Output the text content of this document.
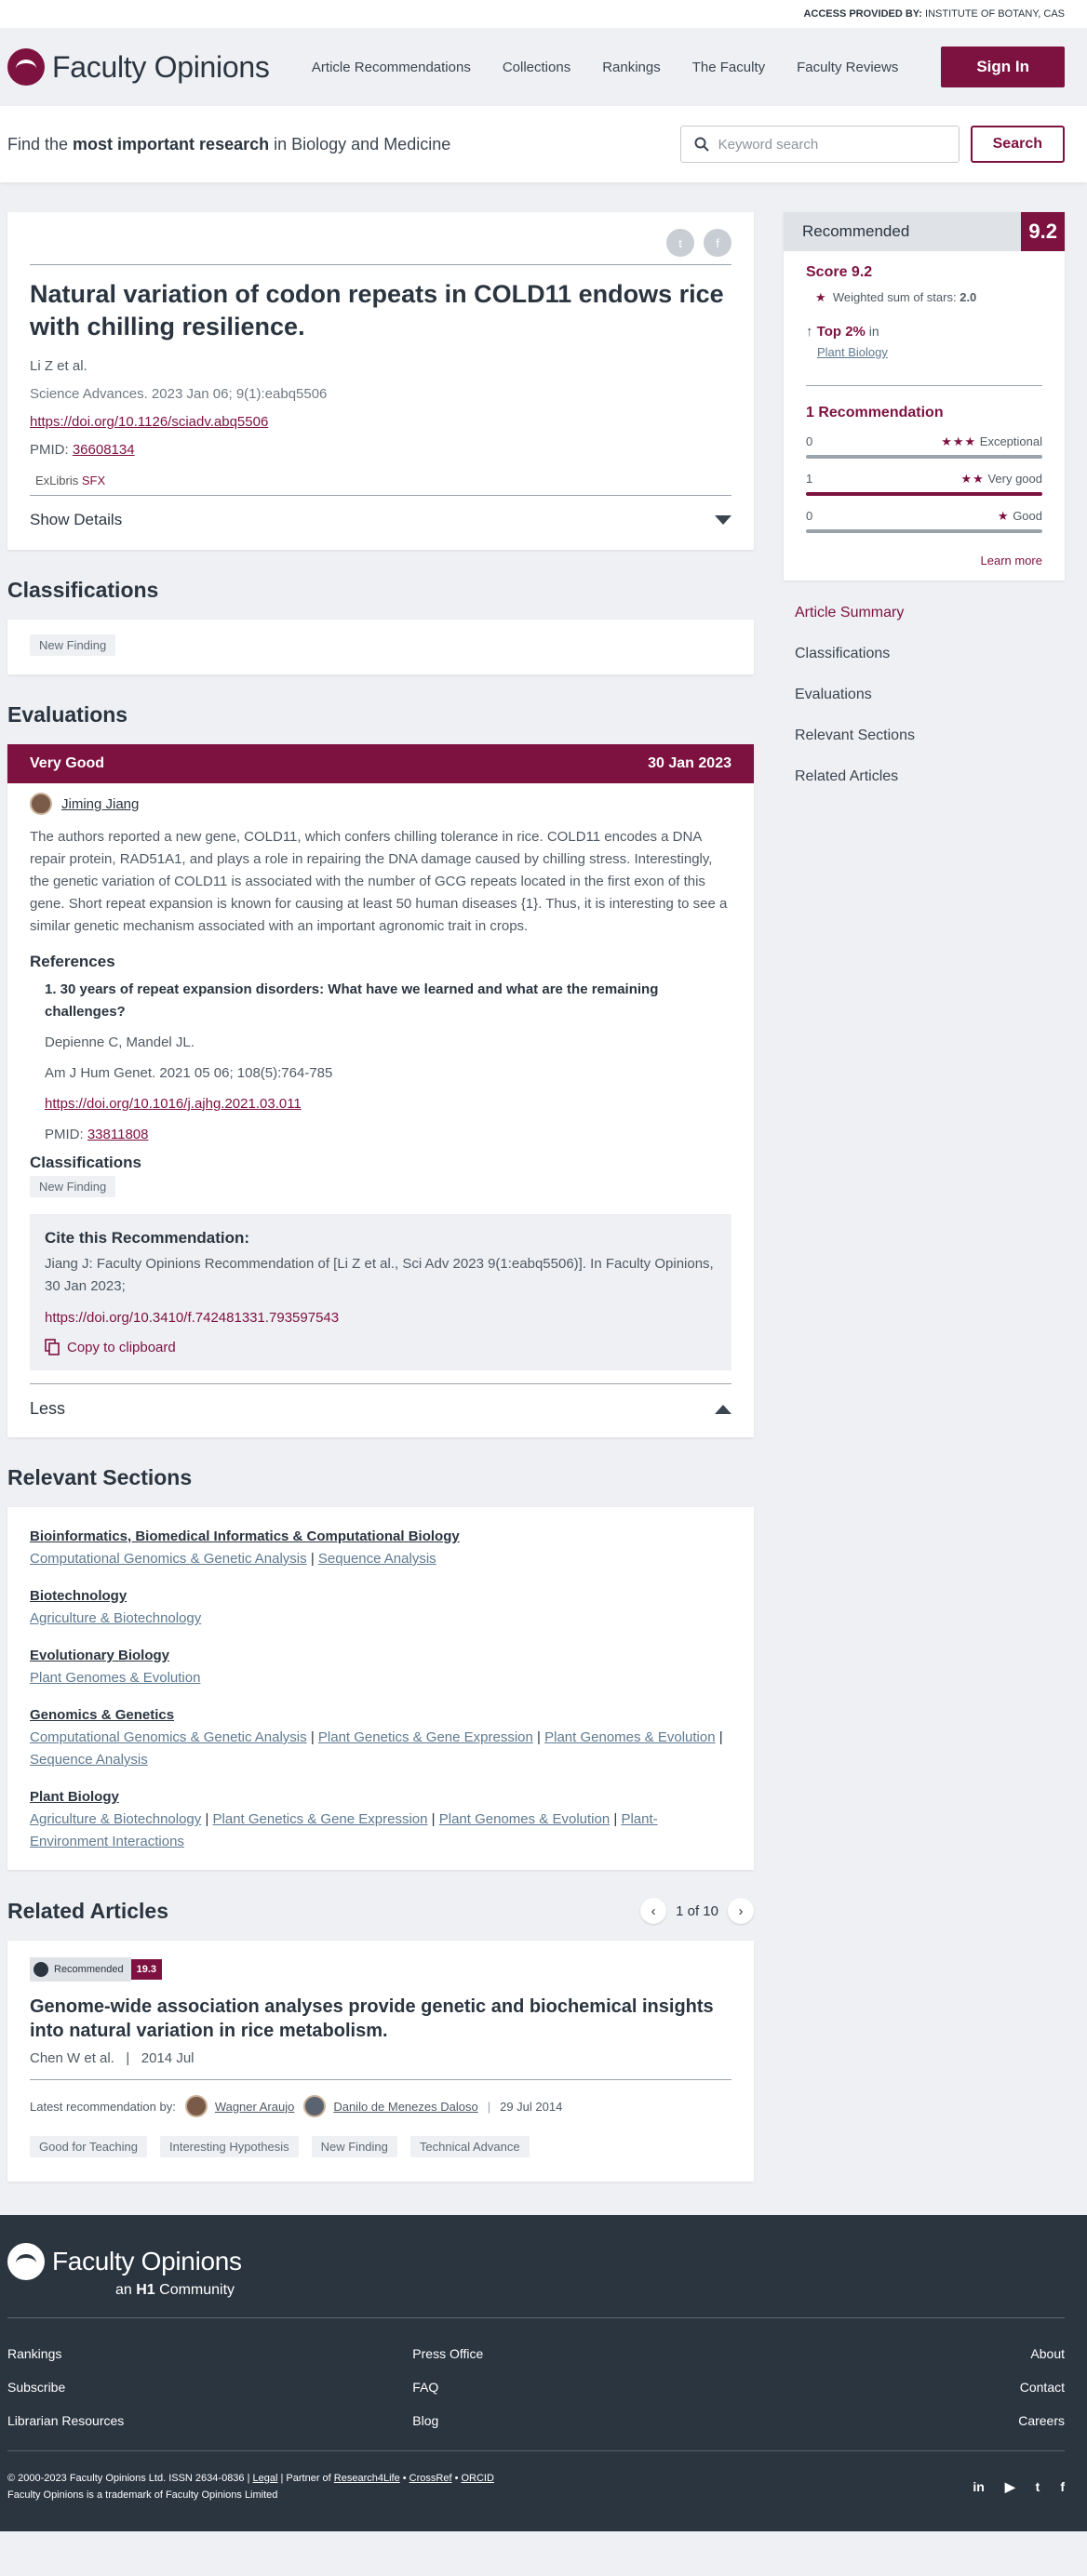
ACCESS PROVIDED BY: INSTITUTE OF BOTANY, CAS
Faculty Opinions	Article Recommendations Collections Rankings The Faculty Faculty Reviews	Sign In
Find the most important research in Biology and Medicine	Keyword search	Search
t	f
Natural variation of codon repeats in COLD11 endows rice with chilling resilience.
Li Z et al.
Science Advances. 2023 Jan 06; 9(1):eabq5506
https://doi.org/10.1126/sciadv.abq5506
PMID: 36608134
ExLibris SFX
Show Details
Classifications
New Finding
Evaluations
Very Good	30 Jan 2023
Jiming Jiang

The authors reported a new gene, COLD11, which confers chilling tolerance in rice. COLD11 encodes a DNA repair protein, RAD51A1, and plays a role in repairing the DNA damage caused by chilling stress. Interestingly, the genetic variation of COLD11 is associated with the number of GCG repeats located in the first exon of this gene. Short repeat expansion is known for causing at least 50 human diseases {1}. Thus, it is interesting to see a similar genetic mechanism associated with an important agronomic trait in crops.

References
1. 30 years of repeat expansion disorders: What have we learned and what are the remaining challenges?

Depienne C, Mandel JL.

Am J Hum Genet. 2021 05 06; 108(5):764-785

https://doi.org/10.1016/j.ajhg.2021.03.011

PMID: 33811808

Classifications
New Finding
Cite this Recommendation:

Jiang J: Faculty Opinions Recommendation of [Li Z et al., Sci Adv 2023 9(1:eabq5506)]. In Faculty Opinions, 30 Jan 2023;

https://doi.org/10.3410/f.742481331.793597543

Copy to clipboard
Less
Relevant Sections
Bioinformatics, Biomedical Informatics & Computational Biology
Computational Genomics & Genetic Analysis | Sequence Analysis
Biotechnology
Agriculture & Biotechnology
Evolutionary Biology
Plant Genomes & Evolution
Genomics & Genetics
Computational Genomics & Genetic Analysis | Plant Genetics & Gene Expression | Plant Genomes & Evolution | Sequence Analysis
Plant Biology
Agriculture & Biotechnology | Plant Genetics & Gene Expression | Plant Genomes & Evolution | Plant-Environment Interactions
Related Articles	‹	1 of 10	›
Recommended	19.3
Genome-wide association analyses provide genetic and biochemical insights into natural variation in rice metabolism.
Chen W et al.   |   2014 Jul
Latest recommendation by:	Wagner Araujo	Danilo de Menezes Daloso | 29 Jul 2014
Good for Teaching	Interesting Hypothesis	New Finding	Technical Advance
Recommended	9.2
Score 9.2
★ Weighted sum of stars: 2.0
↑ Top 2% in
Plant Biology
1 Recommendation
0	★★★ Exceptional
1	★★ Very good
0	★ Good
Learn more
Article Summary
Classifications
Evaluations
Relevant Sections
Related Articles
Faculty Opinions
an H1 Community
Rankings
Subscribe
Librarian Resources
Press Office
FAQ
Blog
About
Contact
Careers
© 2000-2023 Faculty Opinions Ltd. ISSN 2634-0836 | Legal | Partner of Research4Life • CrossRef • ORCID
Faculty Opinions is a trademark of Faculty Opinions Limited
in ▶ t f
